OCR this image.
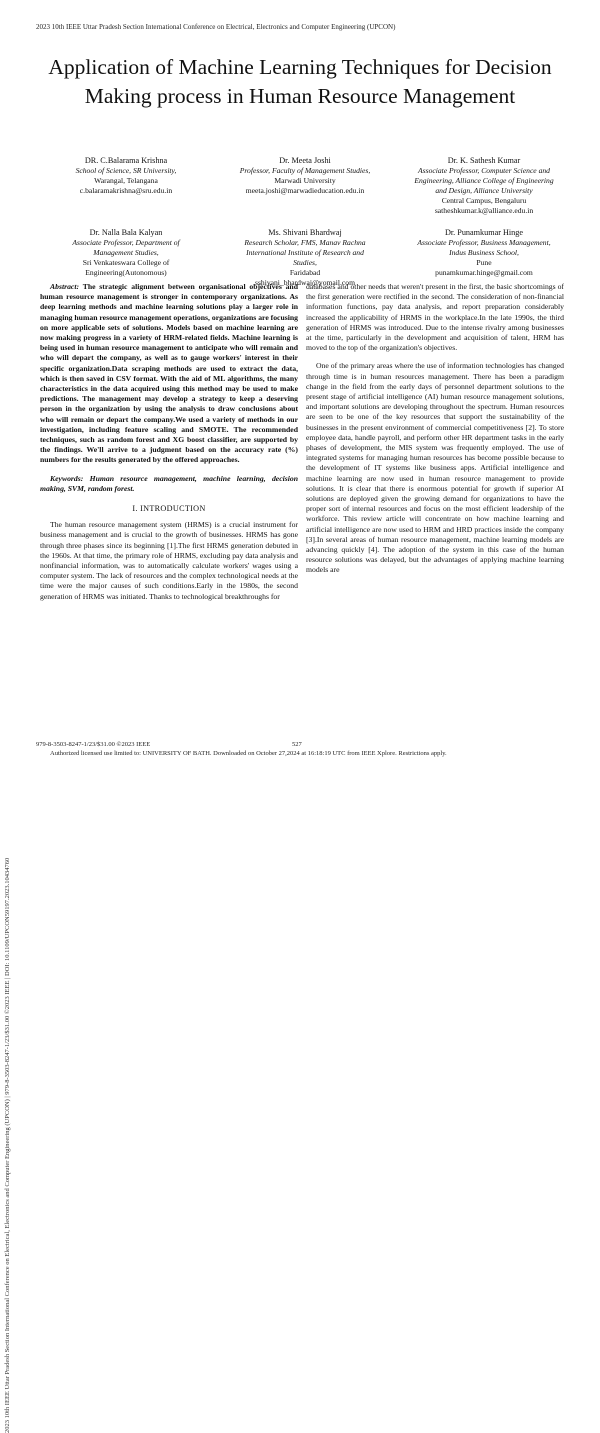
2023 10th IEEE Uttar Pradesh Section International Conference on Electrical, Electronics and Computer Engineering (UPCON)
2023 10th IEEE Uttar Pradesh Section International Conference on Electrical, Electronics and Computer Engineering (UPCON) | 979-8-3503-8247-1/23/$31.00 ©2023 IEEE | DOI: 10.1109/UPCON59197.2023.10434760
Application of Machine Learning Techniques for Decision Making process in Human Resource Management
DR. C.Balarama Krishna
School of Science, SR University,
Warangal, Telangana
c.balaramakrishna@sru.edu.in
Dr. Meeta Joshi
Professor, Faculty of Management Studies,
Marwadi University
meeta.joshi@marwadieducation.edu.in
Dr. K. Sathesh Kumar
Associate Professor, Computer Science and
Engineering, Alliance College of Engineering
and Design, Alliance University
Central Campus, Bengaluru
satheshkumar.k@alliance.edu.in
Dr. Nalla Bala Kalyan
Associate Professor, Department of
Management Studies,
Sri Venkateswara College of
Engineering(Autonomous)
Ms. Shivani Bhardwaj
Research Scholar, FMS, Manav Rachna
International Institute of Research and
Studies,
Faridabad
sshivani_bhardwaj@yomail.com
Dr. Punamkumar Hinge
Associate Professor, Business Management,
Indus Business School,
Pune
punamkumar.hinge@gmail.com
Abstract: The strategic alignment between organisational objectives and human resource management is stronger in contemporary organizations. As deep learning methods and machine learning solutions play a larger role in managing human resource management operations, organizations are focusing on more applicable sets of solutions. Models based on machine learning are now making progress in a variety of HRM-related fields. Machine learning is being used in human resource management to anticipate who will remain and who will depart the company, as well as to gauge workers' interest in their specific organization.Data scraping methods are used to extract the data, which is then saved in CSV format. With the aid of ML algorithms, the many characteristics in the data acquired using this method may be used to make predictions. The management may develop a strategy to keep a deserving person in the organization by using the analysis to draw conclusions about who will remain or depart the company.We used a variety of methods in our investigation, including feature scaling and SMOTE. The recommended techniques, such as random forest and XG boost classifier, are supported by the findings. We'll arrive to a judgment based on the accuracy rate (%) numbers for the results generated by the offered approaches.
Keywords: Human resource management, machine learning, decision making, SVM, random forest.
I. INTRODUCTION
The human resource management system (HRMS) is a crucial instrument for business management and is crucial to the growth of businesses. HRMS has gone through three phases since its beginning [1].The first HRMS generation debuted in the 1960s. At that time, the primary role of HRMS, excluding pay data analysis and nonfinancial information, was to automatically calculate workers' wages using a computer system. The lack of resources and the complex technological needs at the time were the major causes of such conditions.Early in the 1980s, the second generation of HRMS was initiated. Thanks to technological breakthroughs for
databases and other needs that weren't present in the first, the basic shortcomings of the first generation were rectified in the second. The consideration of non-financial information functions, pay data analysis, and report preparation considerably increased the applicability of HRMS in the workplace.In the late 1990s, the third generation of HRMS was introduced. Due to the intense rivalry among businesses at the time, particularly in the development and acquisition of talent, HRM has moved to the top of the organization's objectives.
One of the primary areas where the use of information technologies has changed through time is in human resources management. There has been a paradigm change in the field from the early days of personnel department solutions to the present stage of artificial intelligence (AI) human resource management solutions, and important solutions are developing throughout the spectrum. Human resources are seen to be one of the key resources that support the sustainability of the businesses in the present environment of commercial competitiveness [2]. To store employee data, handle payroll, and perform other HR department tasks in the early phases of development, the MIS system was frequently employed. The use of integrated systems for managing human resources has become possible because to the development of IT systems like business apps. Artificial intelligence and machine learning are now used in human resource management to provide solutions. It is clear that there is enormous potential for growth if superior AI solutions are deployed given the growing demand for organizations to have the proper sort of internal resources and focus on the most efficient leadership of the workforce. This review article will concentrate on how machine learning and artificial intelligence are now used to HRM and HRD practices inside the company [3].In several areas of human resource management, machine learning models are advancing quickly [4]. The adoption of the system in this case of the human resource solutions was delayed, but the advantages of applying machine learning models are
979-8-3503-8247-1/23/$31.00 ©2023 IEEE	527
Authorized licensed use limited to: UNIVERSITY OF BATH. Downloaded on October 27,2024 at 16:18:19 UTC from IEEE Xplore. Restrictions apply.
